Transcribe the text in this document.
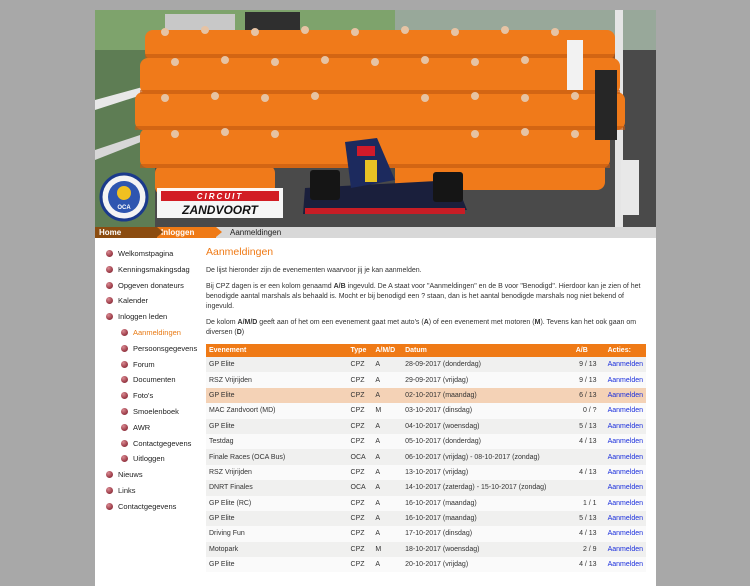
OCA
CIRCUIT
ZANDVOORT
Home	Inloggen leden
Aanmeldingen
Welkomstpagina
Kenningsmakingsdag
Opgeven donateurs
Kalender
Inloggen leden
Aanmeldingen
Persoonsgegevens
Forum
Documenten
Foto's
Smoelenboek
AWR
Contactgegevens
Uitloggen
Nieuws
Links
Contactgegevens
Aanmeldingen

De lijst hieronder zijn de evenementen waarvoor jij je kan aanmelden.

Bij CPZ dagen is er een kolom genaamd A/B ingevuld. De A staat voor "Aanmeldingen" en de B voor "Benodigd". Hierdoor kan je zien of het benodigde aantal marshals als behaald is. Mocht er bij benodigd een ? staan, dan is het aantal benodigde marshals nog niet bekend of ingevuld.

De kolom A/M/D geeft aan of het om een evenement gaat met auto's (A) of een evenement met motoren (M). Tevens kan het ook gaan om diversen (D)

Evenement	Type	A/M/D	Datum	A/B	Acties:
GP Elite	CPZ	A	28-09-2017 (donderdag)	9 / 13	Aanmelden
RSZ Vrijrijden	CPZ	A	29-09-2017 (vrijdag)	9 / 13	Aanmelden
GP Elite	CPZ	A	02-10-2017 (maandag)	6 / 13	Aanmelden
MAC Zandvoort (MD)	CPZ	M	03-10-2017 (dinsdag)	0 / ?	Aanmelden
GP Elite	CPZ	A	04-10-2017 (woensdag)	5 / 13	Aanmelden
Testdag	CPZ	A	05-10-2017 (donderdag)	4 / 13	Aanmelden
Finale Races (OCA Bus)	OCA	A	06-10-2017 (vrijdag) - 08-10-2017 (zondag)		Aanmelden
RSZ Vrijrijden	CPZ	A	13-10-2017 (vrijdag)	4 / 13	Aanmelden
DNRT Finales	OCA	A	14-10-2017 (zaterdag) - 15-10-2017 (zondag)		Aanmelden
GP Elite (RC)	CPZ	A	16-10-2017 (maandag)	1 / 1	Aanmelden
GP Elite	CPZ	A	16-10-2017 (maandag)	5 / 13	Aanmelden
Driving Fun	CPZ	A	17-10-2017 (dinsdag)	4 / 13	Aanmelden
Motopark	CPZ	M	18-10-2017 (woensdag)	2 / 9	Aanmelden
GP Elite	CPZ	A	20-10-2017 (vrijdag)	4 / 13	Aanmelden
